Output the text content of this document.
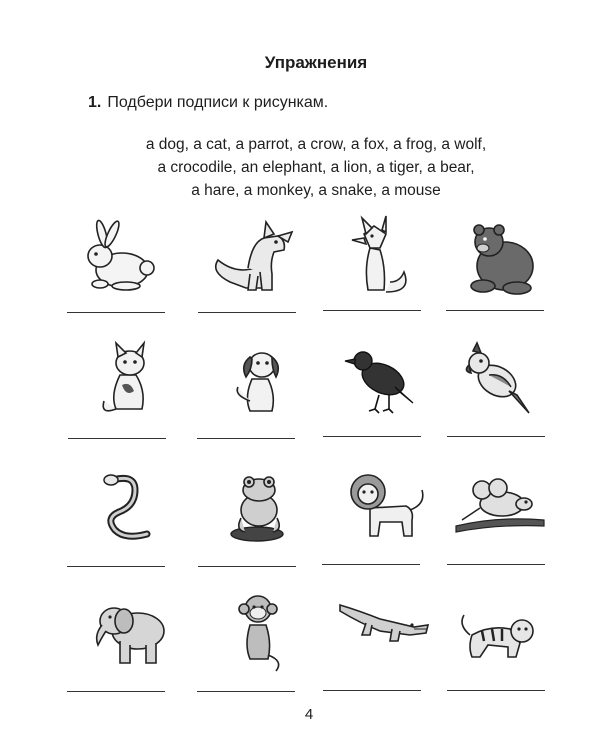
Упражнения
1. Подбери подписи к рисункам.
a dog, a cat, a parrot, a crow, a fox, a frog, a wolf,
a crocodile, an elephant, a lion, a tiger, a bear,
a hare, a monkey, a snake, a mouse
4
